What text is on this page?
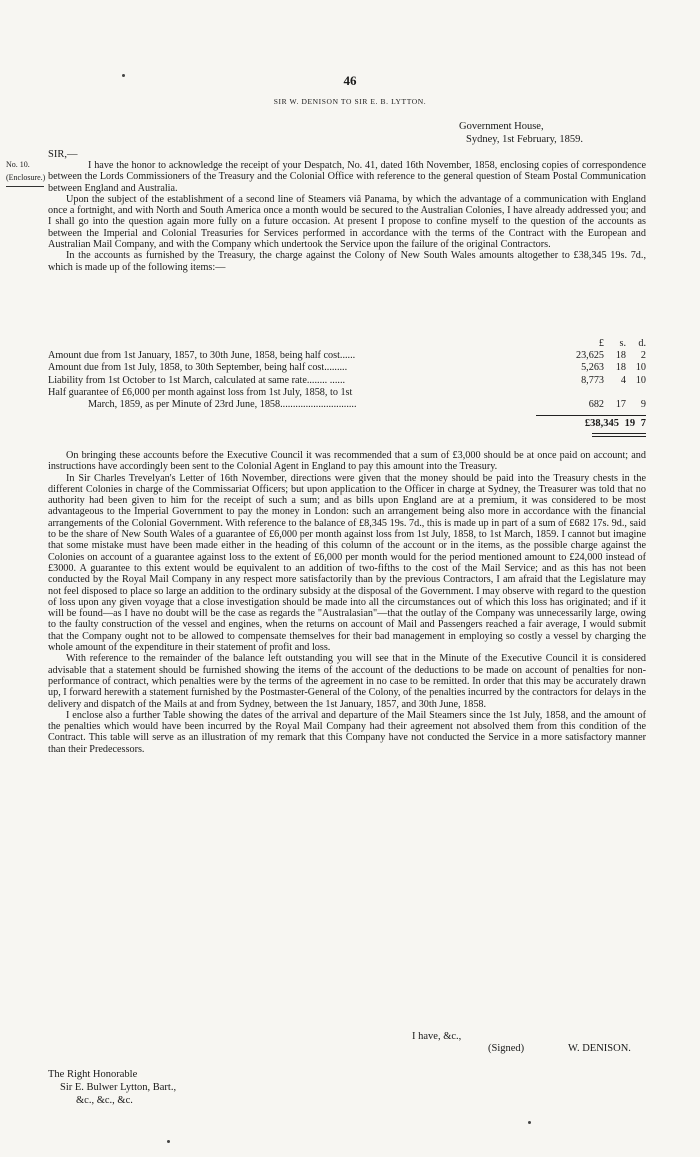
46
SIR W. DENISON TO SIR E. B. LYTTON.
Government House,
Sydney, 1st February, 1859.
No. 10.
(Enclosure.)
SIR,—

I have the honor to acknowledge the receipt of your Despatch, No. 41, dated 16th November, 1858, enclosing copies of correspondence between the Lords Commissioners of the Treasury and the Colonial Office with reference to the general question of Steam Postal Communication between England and Australia.

Upon the subject of the establishment of a second line of Steamers viâ Panama, by which the advantage of a communication with England once a fortnight, and with North and South America once a month would be secured to the Australian Colonies, I have already addressed you; and I shall go into the question again more fully on a future occasion. At present I propose to confine myself to the question of the accounts as between the Imperial and Colonial Treasuries for Services performed in accordance with the terms of the Contract with the European and Australian Mail Company, and with the Company which undertook the Service upon the failure of the original Contractors.

In the accounts as furnished by the Treasury, the charge against the Colony of New South Wales amounts altogether to £38,345 19s. 7d., which is made up of the following items:—

	£	s.	d.
Amount due from 1st January, 1857, to 30th June, 1858, being half cost......	23,625	18	2
Amount due from 1st July, 1858, to 30th September, being half cost.........	5,263	18	10
Liability from 1st October to 1st March, calculated at same rate........ ......	8,773	4	10
Half guarantee of £6,000 per month against loss from 1st July, 1858, to 1st			
March, 1859, as per Minute of 23rd June, 1858..............................	682	17	9
£38,345 19 7

On bringing these accounts before the Executive Council it was recommended that a sum of £3,000 should be at once paid on account; and instructions have accordingly been sent to the Colonial Agent in England to pay this amount into the Treasury.

In Sir Charles Trevelyan's Letter of 16th November, directions were given that the money should be paid into the Treasury chests in the different Colonies in charge of the Commissariat Officers; but upon application to the Officer in charge at Sydney, the Treasurer was told that no authority had been given to him for the receipt of such a sum; and as bills upon England are at a premium, it was considered to be most advantageous to the Imperial Government to pay the money in London: such an arrangement being also more in accordance with the financial arrangements of the Colonial Government. With reference to the balance of £8,345 19s. 7d., this is made up in part of a sum of £682 17s. 9d., said to be the share of New South Wales of a guarantee of £6,000 per month against loss from 1st July, 1858, to 1st March, 1859. I cannot but imagine that some mistake must have been made either in the heading of this column of the account or in the items, as the possible charge against the Colonies on account of a guarantee against loss to the extent of £6,000 per month would for the period mentioned amount to £24,000 instead of £3000. A guarantee to this extent would be equivalent to an addition of two-fifths to the cost of the Mail Service; and as this has not been conducted by the Royal Mail Company in any respect more satisfactorily than by the previous Contractors, I am afraid that the Legislature may not feel disposed to place so large an addition to the ordinary subsidy at the disposal of the Government. I may observe with regard to the question of loss upon any given voyage that a close investigation should be made into all the circumstances out of which this loss has originated; and if it will be found—as I have no doubt will be the case as regards the "Australasian"—that the outlay of the Company was unnecessarily large, owing to the faulty construction of the vessel and engines, when the returns on account of Mail and Passengers reached a fair average, I would submit that the Company ought not to be allowed to compensate themselves for their bad management in employing so costly a vessel by charging the whole amount of the expenditure in their statement of profit and loss.

With reference to the remainder of the balance left outstanding you will see that in the Minute of the Executive Council it is considered advisable that a statement should be furnished showing the items of the account of the deductions to be made on account of penalties for non-performance of contract, which penalties were by the terms of the agreement in no case to be remitted. In order that this may be accurately drawn up, I forward herewith a statement furnished by the Postmaster-General of the Colony, of the penalties incurred by the contractors for delays in the delivery and dispatch of the Mails at and from Sydney, between the 1st January, 1857, and 30th June, 1858.

I enclose also a further Table showing the dates of the arrival and departure of the Mail Steamers since the 1st July, 1858, and the amount of the penalties which would have been incurred by the Royal Mail Company had their agreement not absolved them from this condition of the Contract. This table will serve as an illustration of my remark that this Company have not conducted the Service in a more satisfactory manner than their Predecessors.

I have, &c.,
(Signed)	W. DENISON.
The Right Honorable
Sir E. Bulwer Lytton, Bart.,
&c., &c., &c.
